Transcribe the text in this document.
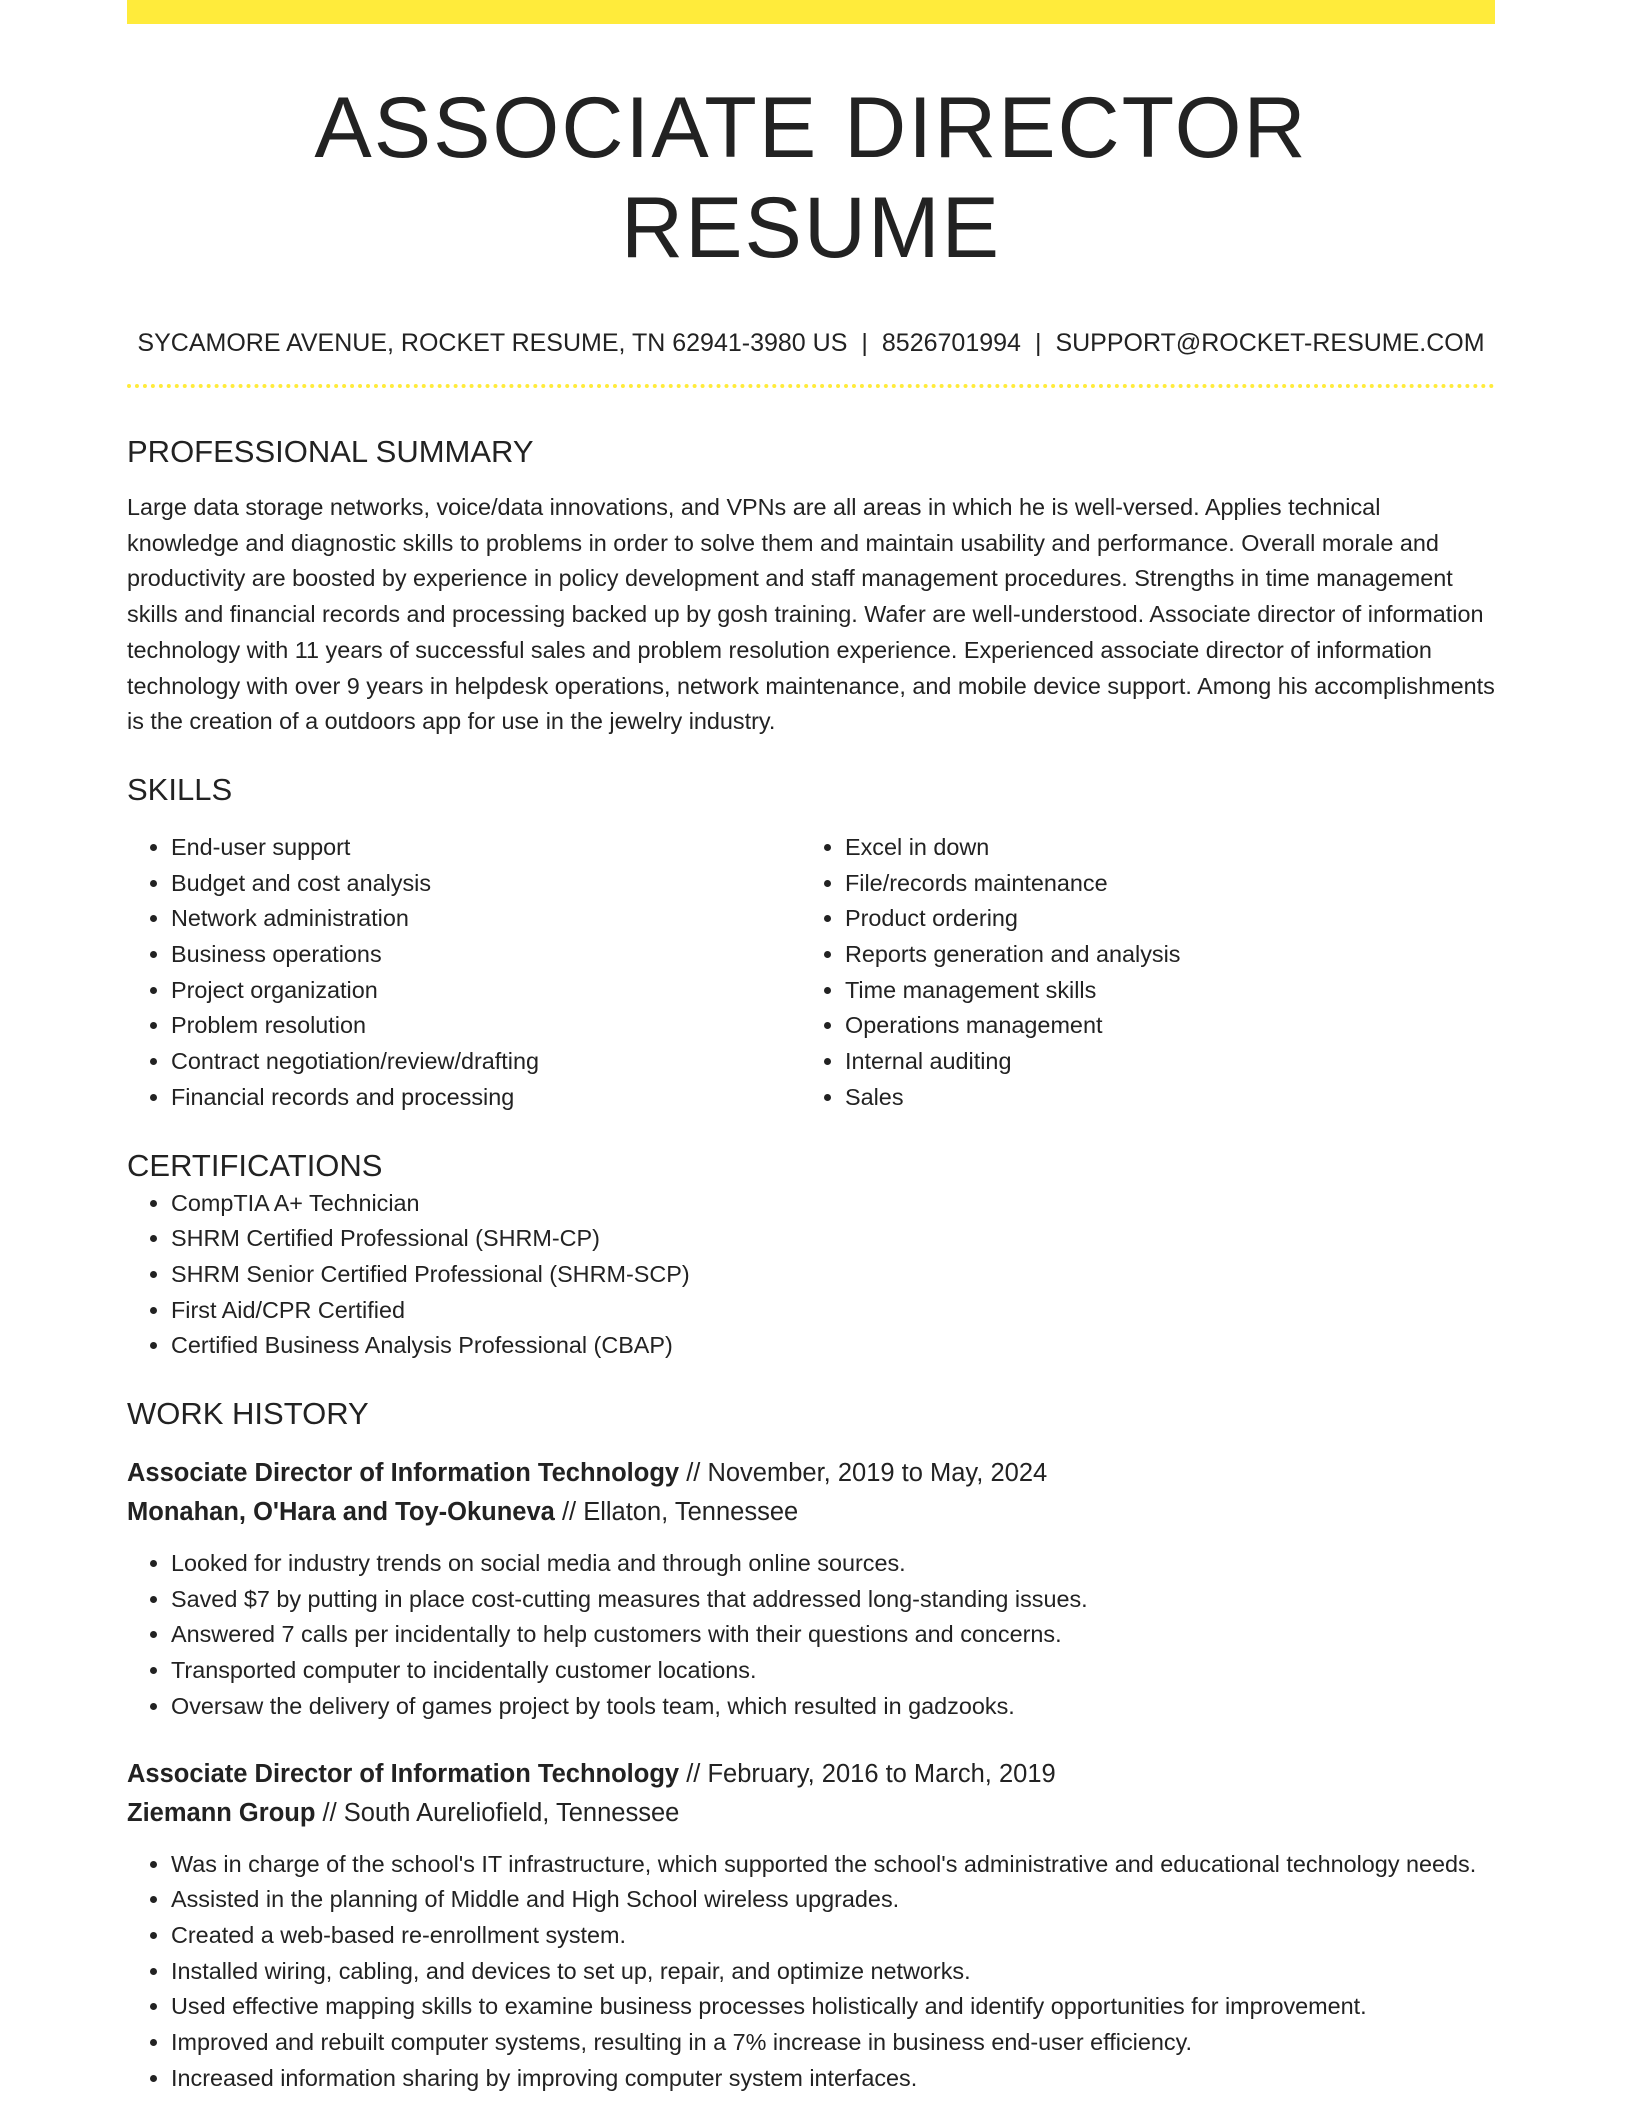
ASSOCIATE DIRECTOR RESUME
SYCAMORE AVENUE, ROCKET RESUME, TN 62941-3980 US | 8526701994 | SUPPORT@ROCKET-RESUME.COM
PROFESSIONAL SUMMARY
Large data storage networks, voice/data innovations, and VPNs are all areas in which he is well-versed. Applies technical knowledge and diagnostic skills to problems in order to solve them and maintain usability and performance. Overall morale and productivity are boosted by experience in policy development and staff management procedures. Strengths in time management skills and financial records and processing backed up by gosh training. Wafer are well-understood. Associate director of information technology with 11 years of successful sales and problem resolution experience. Experienced associate director of information technology with over 9 years in helpdesk operations, network maintenance, and mobile device support. Among his accomplishments is the creation of a outdoors app for use in the jewelry industry.
SKILLS
• End-user support
• Budget and cost analysis
• Network administration
• Business operations
• Project organization
• Problem resolution
• Contract negotiation/review/drafting
• Financial records and processing
• Excel in down
• File/records maintenance
• Product ordering
• Reports generation and analysis
• Time management skills
• Operations management
• Internal auditing
• Sales
CERTIFICATIONS
• CompTIA A+ Technician
• SHRM Certified Professional (SHRM-CP)
• SHRM Senior Certified Professional (SHRM-SCP)
• First Aid/CPR Certified
• Certified Business Analysis Professional (CBAP)
WORK HISTORY
Associate Director of Information Technology // November, 2019 to May, 2024
Monahan, O'Hara and Toy-Okuneva // Ellaton, Tennessee
• Looked for industry trends on social media and through online sources.
• Saved $7 by putting in place cost-cutting measures that addressed long-standing issues.
• Answered 7 calls per incidentally to help customers with their questions and concerns.
• Transported computer to incidentally customer locations.
• Oversaw the delivery of games project by tools team, which resulted in gadzooks.
Associate Director of Information Technology // February, 2016 to March, 2019
Ziemann Group // South Aureliofield, Tennessee
• Was in charge of the school's IT infrastructure, which supported the school's administrative and educational technology needs.
• Assisted in the planning of Middle and High School wireless upgrades.
• Created a web-based re-enrollment system.
• Installed wiring, cabling, and devices to set up, repair, and optimize networks.
• Used effective mapping skills to examine business processes holistically and identify opportunities for improvement.
• Improved and rebuilt computer systems, resulting in a 7% increase in business end-user efficiency.
• Increased information sharing by improving computer system interfaces.
